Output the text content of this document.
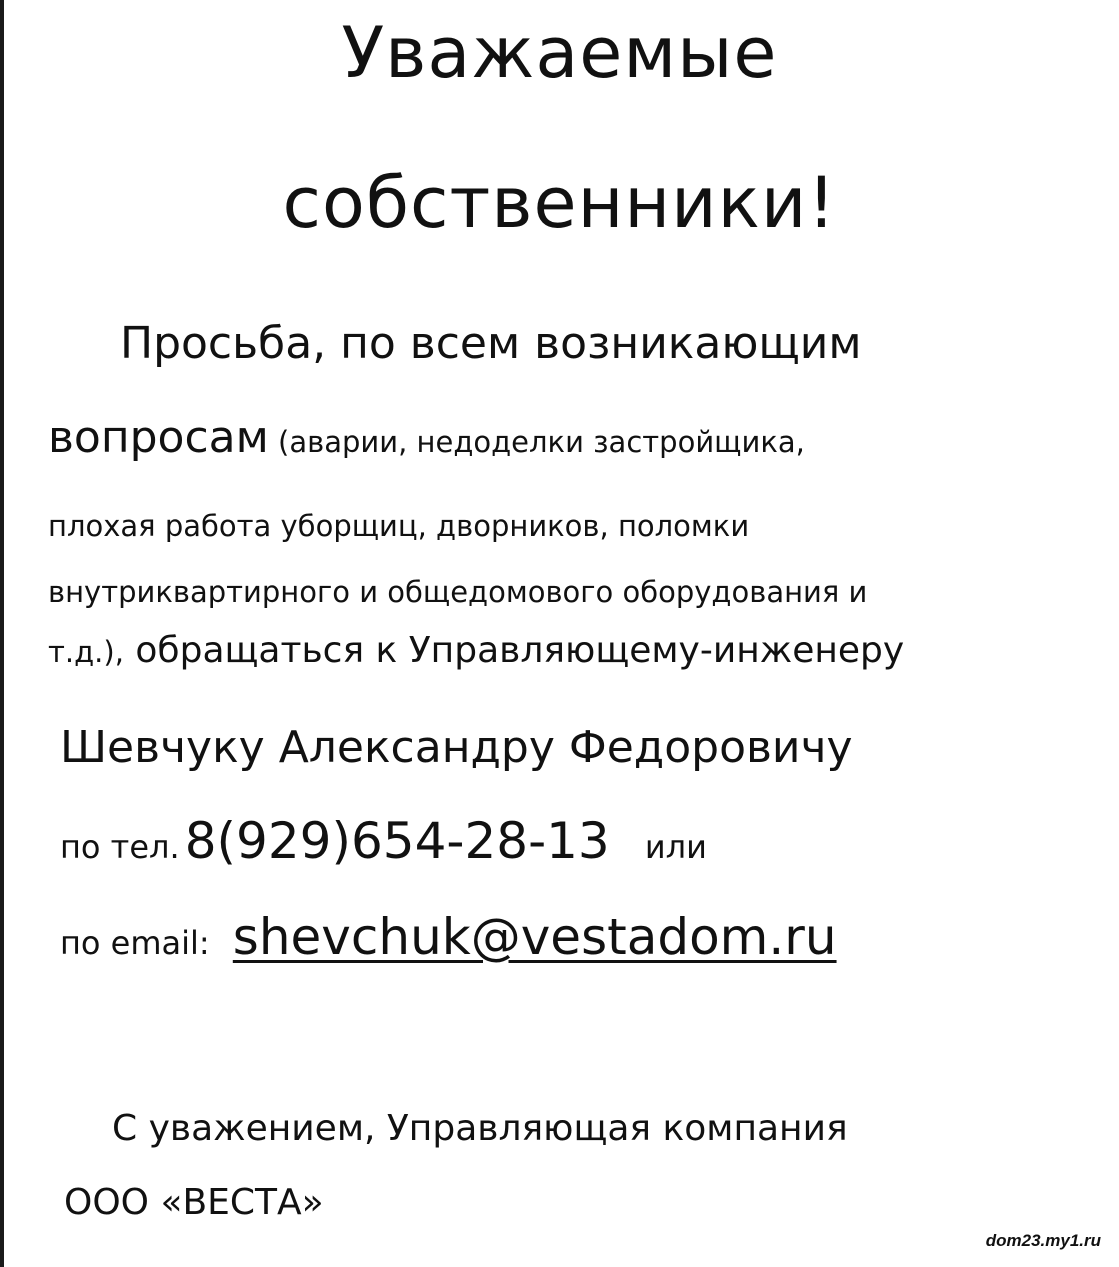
Уважаемые
собственники!
Просьба, по всем возникающим
вопросам (аварии, недоделки застройщика,
плохая работа уборщиц, дворников, поломки
внутриквартирного и общедомового оборудования и
т.д.), обращаться к Управляющему-инженеру
Шевчуку Александру Федоровичу
по тел. 8(929)654-28-13 или
по email: shevchuk@vestadom.ru
С уважением, Управляющая компания
ООО «ВЕСТА»
dom23.my1.ru
